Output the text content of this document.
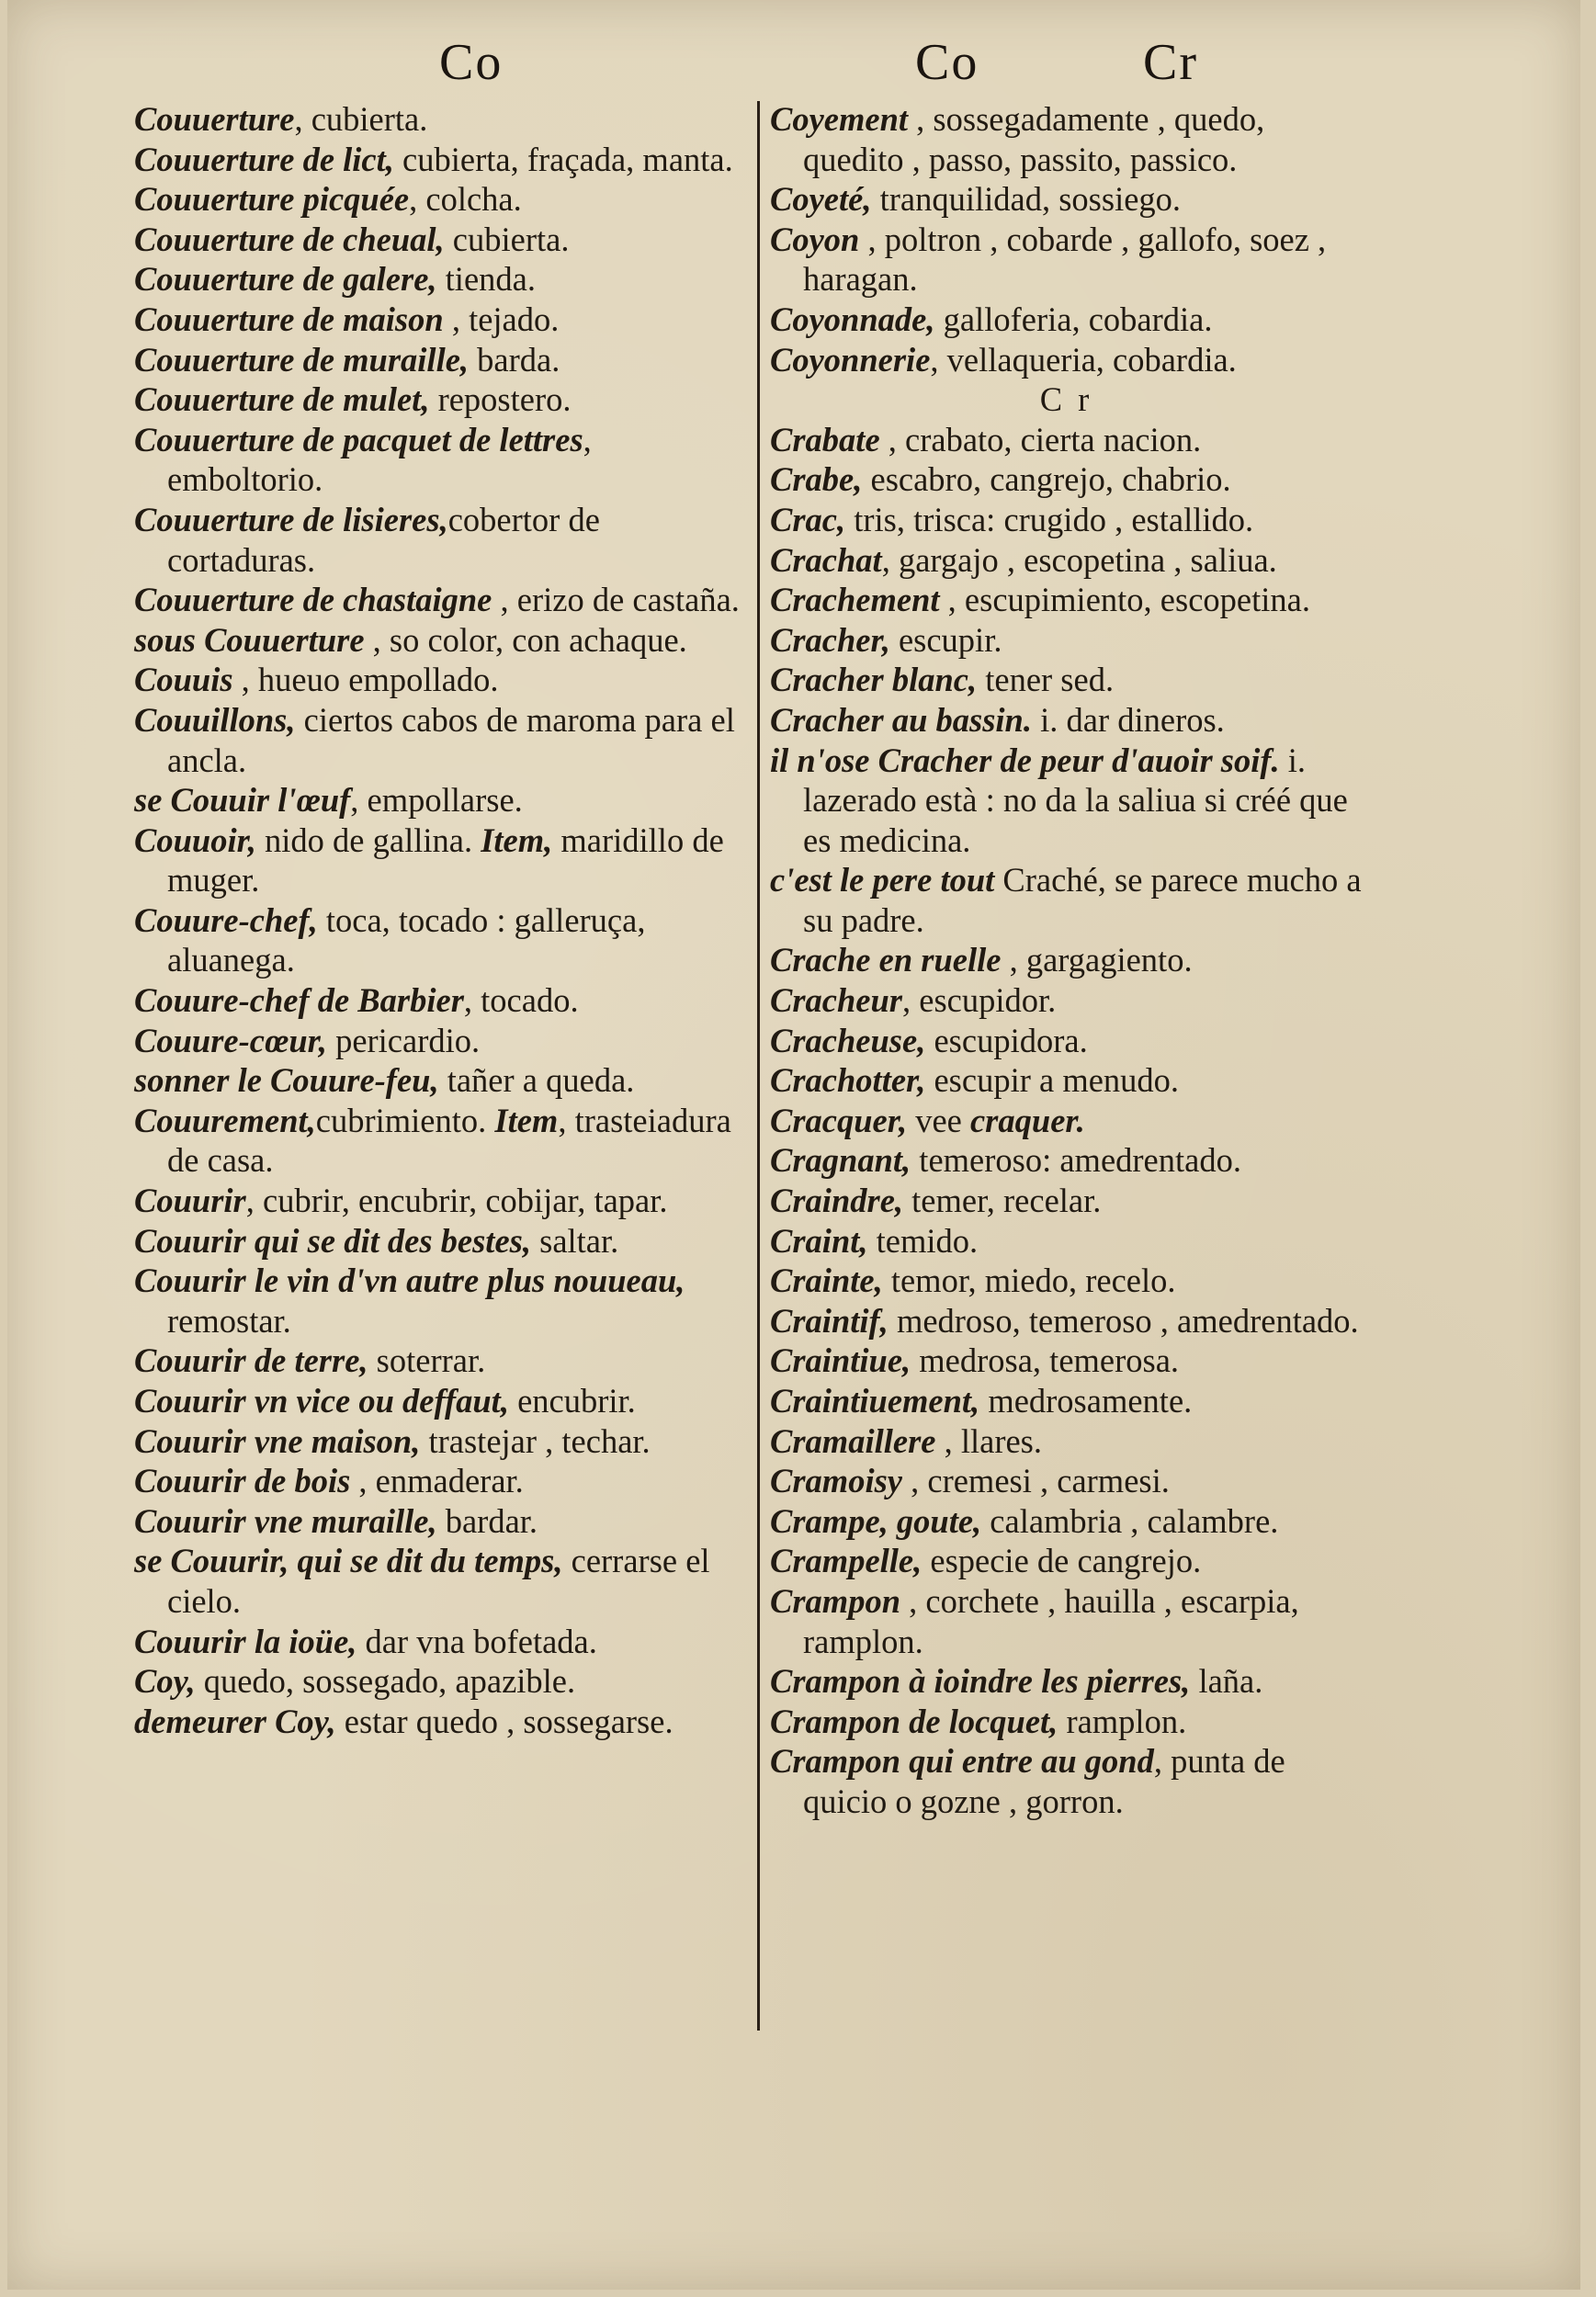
Co	Co	Cr
Couuerture, cubierta.
Couuerture de lict, cubierta, fraçada, manta.
Couuerture picquée, colcha.
Couuerture de cheual, cubierta.
Couuerture de galere, tienda.
Couuerture de maison , tejado.
Couuerture de muraille, barda.
Couuerture de mulet, repostero.
Couuerture de pacquet de lettres, emboltorio.
Couuerture de lisieres,cobertor de cortaduras.
Couuerture de chastaigne , erizo de castaña.
sous Couuerture , so color, con achaque.
Couuis , hueuo empollado.
Couuillons, ciertos cabos de maroma para el ancla.
se Couuir l'œuf, empollarse.
Couuoir, nido de gallina. Item, maridillo de muger.
Couure-chef, toca, tocado : galleruça, aluanega.
Couure-chef de Barbier, tocado.
Couure-cœur, pericardio.
sonner le Couure-feu, tañer a queda.
Couurement,cubrimiento. Item, trasteiadura de casa.
Couurir, cubrir, encubrir, cobijar, tapar.
Couurir qui se dit des bestes, saltar.
Couurir le vin d'vn autre plus nouueau, remostar.
Couurir de terre, soterrar.
Couurir vn vice ou deffaut, encubrir.
Couurir vne maison, trastejar , techar.
Couurir de bois , enmaderar.
Couurir vne muraille, bardar.
se Couurir, qui se dit du temps, cerrarse el cielo.
Couurir la ioüe, dar vna bofetada.
Coy, quedo, sossegado, apazible.
demeurer Coy, estar quedo , sossegarse.
Coyement , sossegadamente , quedo, quedito , passo, passito, passico.
Coyeté, tranquilidad, sossiego.
Coyon , poltron , cobarde , gallofo, soez , haragan.
Coyonnade, galloferia, cobardia.
Coyonnerie, vellaqueria, cobardia.
C r
Crabate , crabato, cierta nacion.
Crabe, escabro, cangrejo, chabrio.
Crac, tris, trisca: crugido , estallido.
Crachat, gargajo , escopetina , saliua.
Crachement , escupimiento, escopetina.
Cracher, escupir.
Cracher blanc, tener sed.
Cracher au bassin. i. dar dineros.
il n'ose Cracher de peur d'auoir soif. i. lazerado està : no da la saliua si créé que es medicina.
c'est le pere tout Craché, se parece mucho a su padre.
Crache en ruelle , gargagiento.
Cracheur, escupidor.
Cracheuse, escupidora.
Crachotter, escupir a menudo.
Cracquer, vee craquer.
Cragnant, temeroso: amedrentado.
Craindre, temer, recelar.
Craint, temido.
Crainte, temor, miedo, recelo.
Craintif, medroso, temeroso , amedrentado.
Craintiue, medrosa, temerosa.
Craintiuement, medrosamente.
Cramaillere , llares.
Cramoisy , cremesi , carmesi.
Crampe, goute, calambria , calambre.
Crampelle, especie de cangrejo.
Crampon , corchete , hauilla , escarpia, ramplon.
Crampon à ioindre les pierres, laña.
Crampon de locquet, ramplon.
Crampon qui entre au gond, punta de quicio o gozne , gorron.
